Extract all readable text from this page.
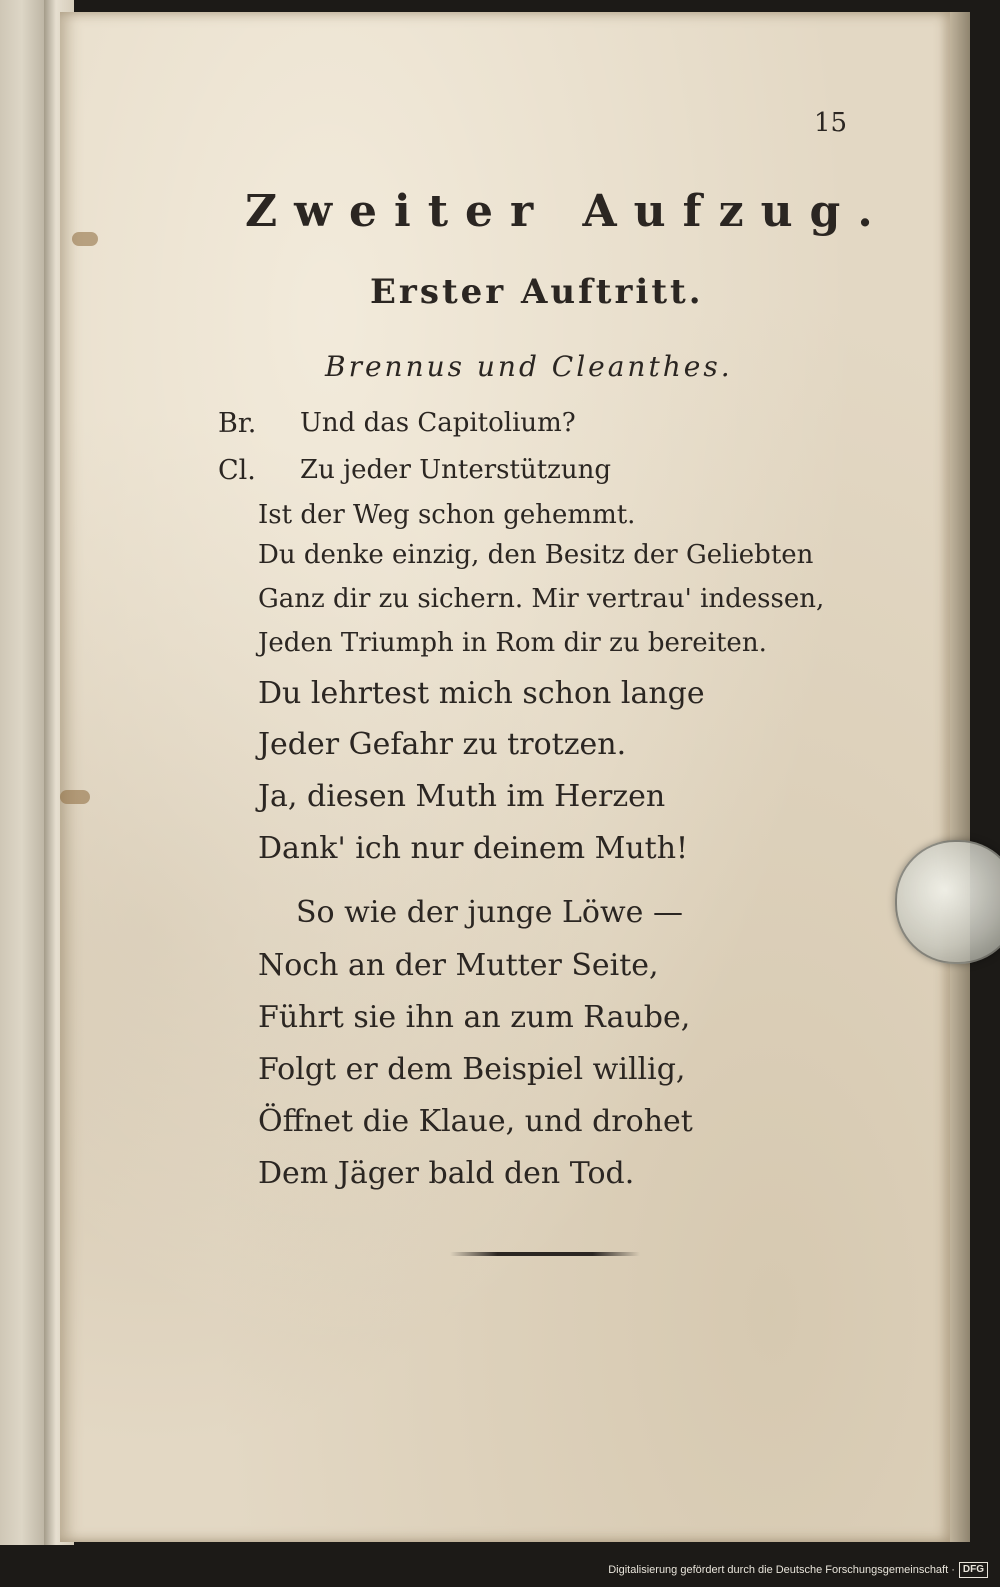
15
Zweiter Aufzug.
Erster Auftritt.
Brennus und Cleanthes.
Br. Und das Capitolium?
Cl. Zu jeder Unterstützung
Ist der Weg schon gehemmt.
Du denke einzig, den Besitz der Geliebten
Ganz dir zu sichern. Mir vertrau' indessen,
Jeden Triumph in Rom dir zu bereiten.
Du lehrtest mich schon lange
Jeder Gefahr zu trotzen.
Ja, diesen Muth im Herzen
Dank' ich nur deinem Muth!
So wie der junge Löwe —
Noch an der Mutter Seite,
Führt sie ihn an zum Raube,
Folgt er dem Beispiel willig,
Öffnet die Klaue, und drohet
Dem Jäger bald den Tod.
Digitalisierung gefördert durch die Deutsche Forschungsgemeinschaft · DFG
